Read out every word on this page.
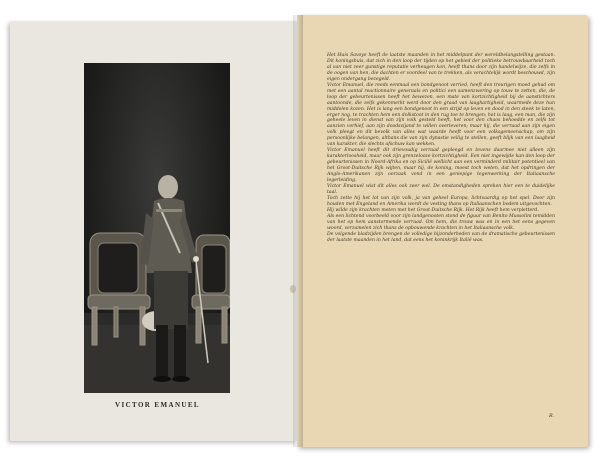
VICTOR EMANUEL

Het Huis Savoye heeft de laatste maanden in het middelpunt der wereldbelangstelling gestaan. Dit koningshuis, dat zich in den loop der tijden op het gebied der politieke betrouwbaarheid toch al van niet zeer gunstige reputatie verheugen kon, heeft thans door zijn handelwijze, die zelfs in de oogen van hen, die dachten er voordeel van te trekken, als verachtelijk wordt beschouwd, zijn eigen ondergang bezegeld.

Victor Emanuel, die reeds eenmaal een bondgenoot verried, heeft den treurigen moed gehad om met een aantal reactionnaire generaals en politici een samenzwering op touw te zetten, die, de loop der gebeurtenissen heeft het bewezen, een mate van kortzichtigheid bij de aanstichters aantoonde, die zelfs gekenmerkt werd door den graad van laaghartigheid, waarmede deze hun middelen kozen. Het is lang een bondgenoot in een strijd op leven en dood in den steek te laten, erger nog, te trachten hem een dolkstoot in den rug toe te brengen; het is laag, een man, die zijn geheele leven in dienst van zijn volk gesteld heeft, het voor den chaos behoedde en zelfs tot aanzien verhief, aan zijn doodsvijand te willen overleveren; maar hij, die verraad aan zijn eigen volk pleegt en dit bevolk van alles wat waarde heeft voor een volksgemeenschap, om zijn persoonlijke belangen, althans die van zijn dynastie veilig te stellen, geeft blijk van een laagheid van karakter, die slechts afschuw kan wekken.

Victor Emanuel heeft dit drievoudig verraad gepleegd en tevens daarmee niet alleen zijn karakterloosheid, maar ook zijn grenzelooze kortzichtigheid. Een niet ingewijde kan den loop der gebeurtenissen in Noord-Afrika en op Sicilië wellicht aan een verminderd militair potentieel van het Groot-Duitsche Rijk wijten, maar hij, de koning, moest toch weten, dat het opdringen der Anglo-Amerikanen zijn oorzaak vond in een geniepige tegenwerking der Italiaansche legerleiding.

Victor Emanuel wist dit alles ook zeer wel. De omstandigheden spreken hier een te duidelijke taal.

Toch zette hij het lot van zijn volk, ja van geheel Europa, lichtvaardig op het spel. Door zijn houden met Engeland en Amerika wordt de vesting thans op Italiaanschen bodem uitgevochten.

Hij wilde zijn krachten meten met het Groot-Duitsche Rijk. Het Rijk heeft hem verpletterd.

Als een lichtend voorbeeld voor zijn landgenooten stond de figuur van Benito Mussolini temidden van het op hem aanstormende verraad. Om hem, die trouw was en in een het eens gegeven woord, verzamelen zich thans de opbouwende krachten in het Italiaansche volk.

De volgende bladzijden brengen de volledige bijzonderheden van de dramatische gebeurtenissen der laatste maanden in het land, dat eens het koninkrijk Italië was.

R.
